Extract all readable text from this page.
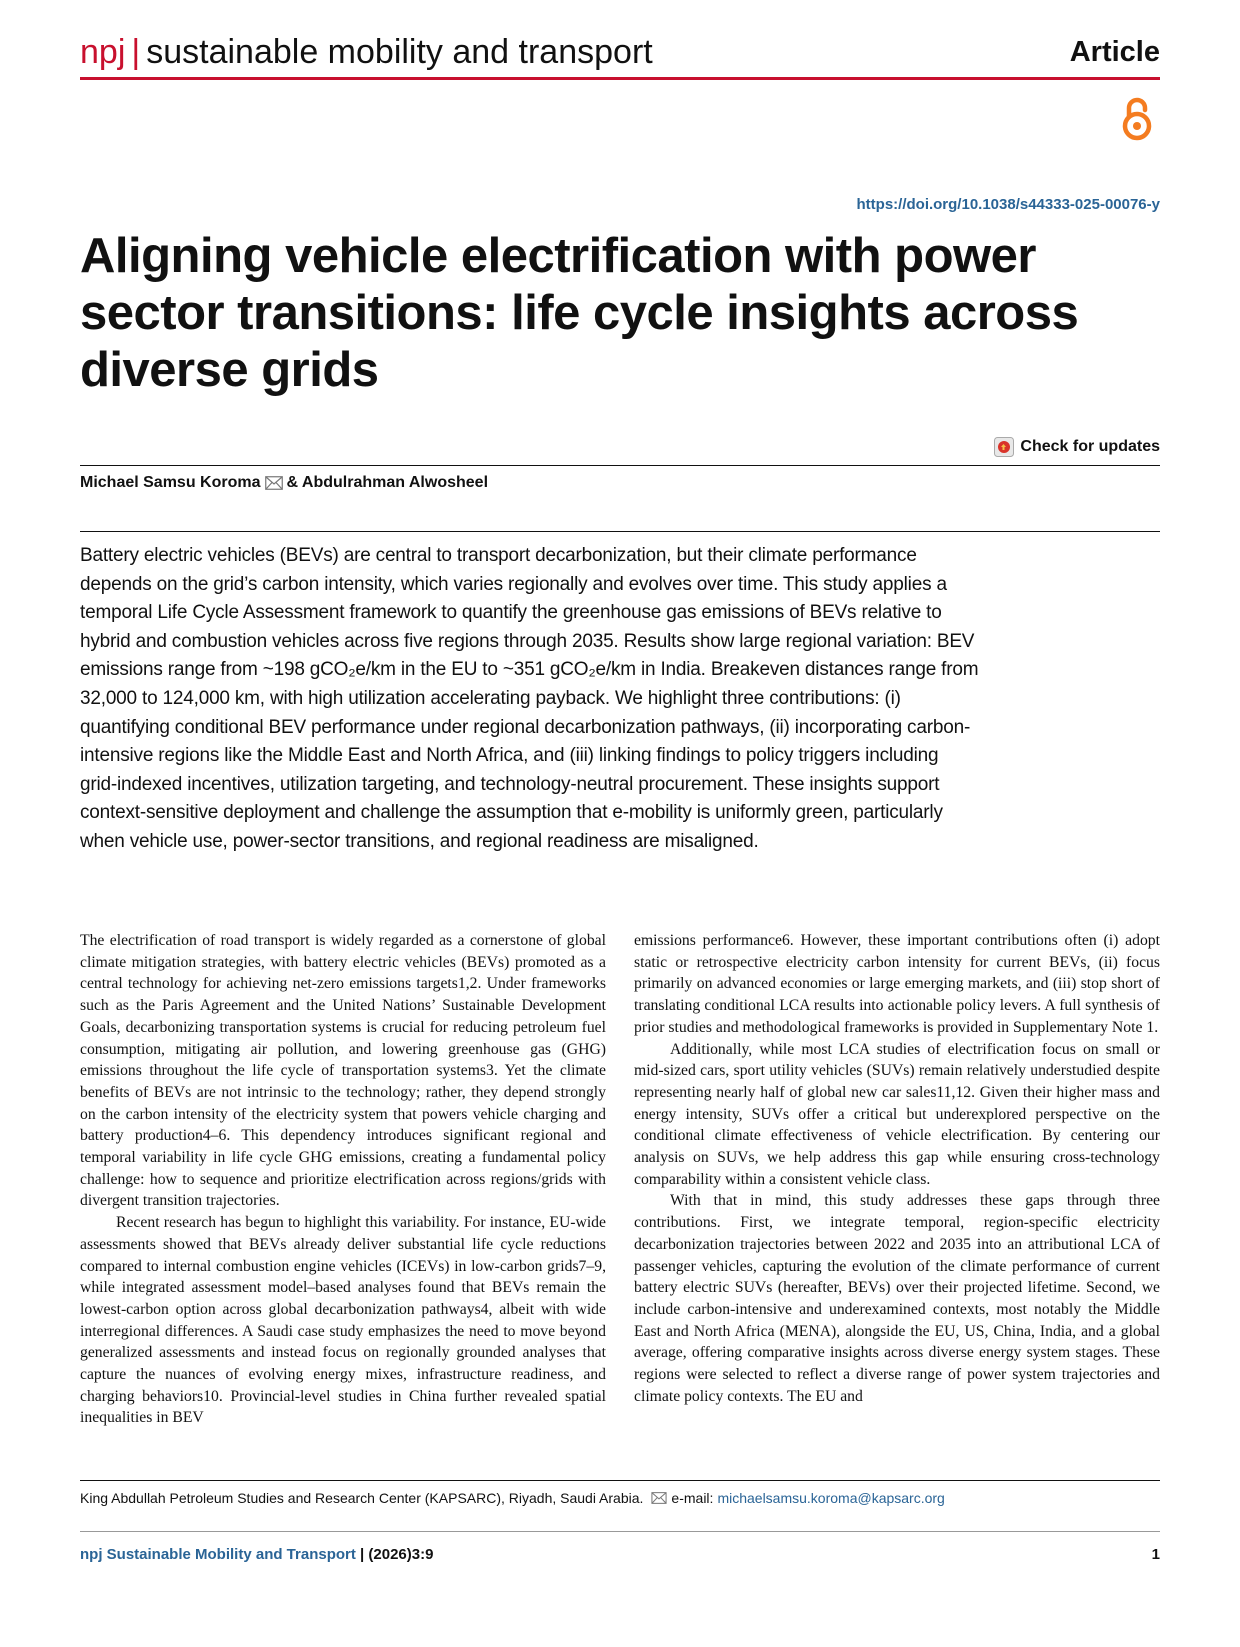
npj | sustainable mobility and transport	Article
https://doi.org/10.1038/s44333-025-00076-y
Aligning vehicle electrification with power sector transitions: life cycle insights across diverse grids
Check for updates
Michael Samsu Koroma & Abdulrahman Alwosheel

Battery electric vehicles (BEVs) are central to transport decarbonization, but their climate performance depends on the grid’s carbon intensity, which varies regionally and evolves over time. This study applies a temporal Life Cycle Assessment framework to quantify the greenhouse gas emissions of BEVs relative to hybrid and combustion vehicles across five regions through 2035. Results show large regional variation: BEV emissions range from ~198 gCO₂e/km in the EU to ~351 gCO₂e/km in India. Breakeven distances range from 32,000 to 124,000 km, with high utilization accelerating payback. We highlight three contributions: (i) quantifying conditional BEV performance under regional decarbonization pathways, (ii) incorporating carbon-intensive regions like the Middle East and North Africa, and (iii) linking findings to policy triggers including grid-indexed incentives, utilization targeting, and technology-neutral procurement. These insights support context-sensitive deployment and challenge the assumption that e-mobility is uniformly green, particularly when vehicle use, power-sector transitions, and regional readiness are misaligned.

The electrification of road transport is widely regarded as a cornerstone of global climate mitigation strategies, with battery electric vehicles (BEVs) promoted as a central technology for achieving net-zero emissions targets1,2. Under frameworks such as the Paris Agreement and the United Nations’ Sustainable Development Goals, decarbonizing transportation systems is crucial for reducing petroleum fuel consumption, mitigating air pollution, and lowering greenhouse gas (GHG) emissions throughout the life cycle of transportation systems3. Yet the climate benefits of BEVs are not intrinsic to the technology; rather, they depend strongly on the carbon intensity of the electricity system that powers vehicle charging and battery production4–6. This dependency introduces significant regional and temporal variability in life cycle GHG emissions, creating a fundamental policy challenge: how to sequence and prioritize electrification across regions/grids with divergent transition trajectories.

Recent research has begun to highlight this variability. For instance, EU-wide assessments showed that BEVs already deliver substantial life cycle reductions compared to internal combustion engine vehicles (ICEVs) in low-carbon grids7–9, while integrated assessment model–based analyses found that BEVs remain the lowest-carbon option across global decarbonization pathways4, albeit with wide interregional differences. A Saudi case study emphasizes the need to move beyond generalized assessments and instead focus on regionally grounded analyses that capture the nuances of evolving energy mixes, infrastructure readiness, and charging behaviors10. Provincial-level studies in China further revealed spatial inequalities in BEV

emissions performance6. However, these important contributions often (i) adopt static or retrospective electricity carbon intensity for current BEVs, (ii) focus primarily on advanced economies or large emerging markets, and (iii) stop short of translating conditional LCA results into actionable policy levers. A full synthesis of prior studies and methodological frameworks is provided in Supplementary Note 1.

Additionally, while most LCA studies of electrification focus on small or mid-sized cars, sport utility vehicles (SUVs) remain relatively understudied despite representing nearly half of global new car sales11,12. Given their higher mass and energy intensity, SUVs offer a critical but underexplored perspective on the conditional climate effectiveness of vehicle electrification. By centering our analysis on SUVs, we help address this gap while ensuring cross-technology comparability within a consistent vehicle class.

With that in mind, this study addresses these gaps through three contributions. First, we integrate temporal, region-specific electricity decarbonization trajectories between 2022 and 2035 into an attributional LCA of passenger vehicles, capturing the evolution of the climate performance of current battery electric SUVs (hereafter, BEVs) over their projected lifetime. Second, we include carbon-intensive and underexamined contexts, most notably the Middle East and North Africa (MENA), alongside the EU, US, China, India, and a global average, offering comparative insights across diverse energy system stages. These regions were selected to reflect a diverse range of power system trajectories and climate policy contexts. The EU and

King Abdullah Petroleum Studies and Research Center (KAPSARC), Riyadh, Saudi Arabia. e-mail: michaelsamsu.koroma@kapsarc.org
npj Sustainable Mobility and Transport | (2026)3:9	1
